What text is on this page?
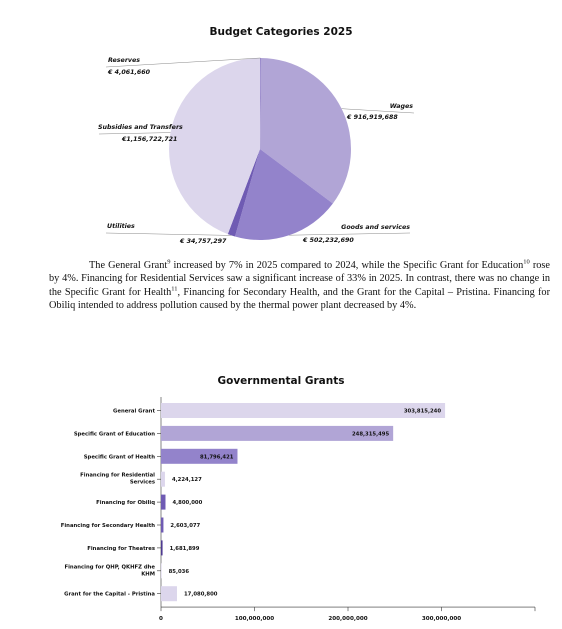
Budget Categories 2025
Reserves
€ 4,061,660
Wages
€ 916,919,688
Goods and services
€ 502,232,690
Utilities
€ 34,757,297
Subsidies and Transfers
€1,156,722,721

The General Grant$^9$ increased by 7% in 2025 compared to 2024, while the Specific Grant for Education$^{10}$ rose by 4%. Financing for Residential Services saw a significant increase of 33% in 2025. In contrast, there was no change in the Specific Grant for Health$^{11}$, Financing for Secondary Health, and the Grant for the Capital – Pristina. Financing for Obiliq intended to address pollution caused by the thermal power plant decreased by 4%.

Governmental Grants
0	100,000,000	200,000,000	300,000,000
General Grant	303,815,240
Specific Grant of Education	248,315,495
Specific Grant of Health	81,796,421
Financing for Residential
Services	4,224,127
Financing for Obiliq	4,800,000
Financing for Secondary Health	2,603,077
Financing for Theatres	1,681,899
Financing for QHP, QKHFZ dhe
KHM	85,036
Grant for the Capital - Pristina	17,080,800
